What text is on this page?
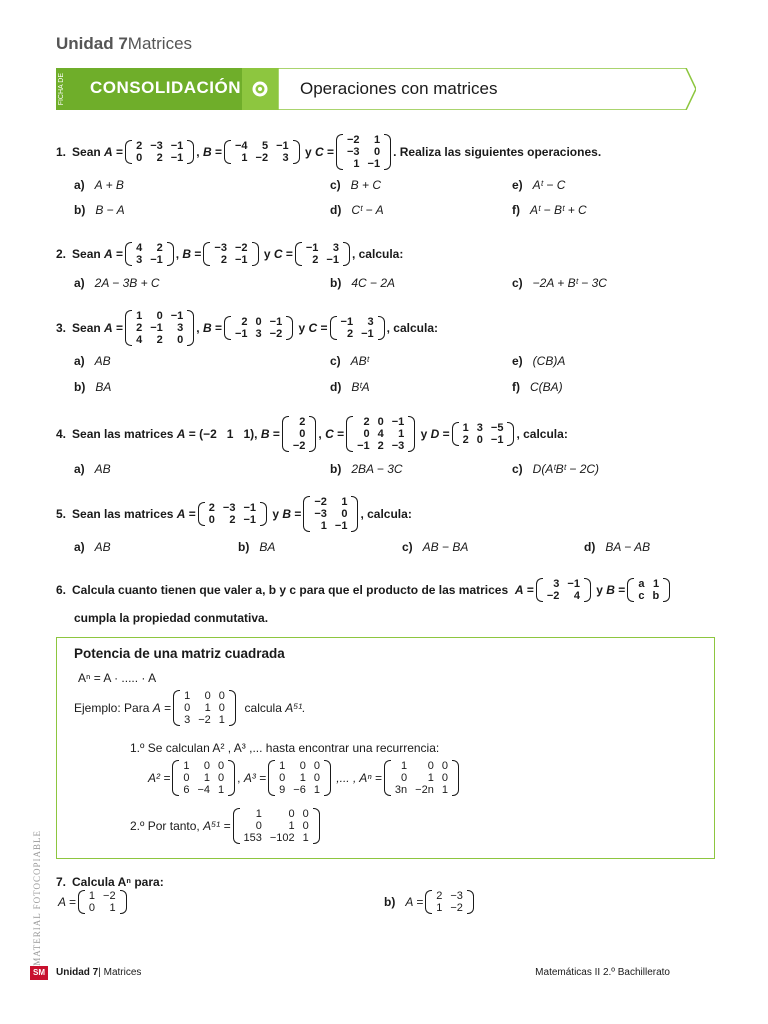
Unidad 7Matrices
FICHA DE CONSOLIDACIÓN	Operaciones con matrices
1. Sean
A = 2	−3	−1
0	2	−1 , B = −4	5	−1
1	−2	3 y C =
−2	1
−3	0
1	−1
. Realiza las siguientes operaciones.
a) A + B	c) B + C	e) Aᵗ − C
b) B − A	d) Cᵗ − A	f) Aᵗ − Bᵗ + C
2. Sean
A = 4	2
3	−1 , B = −3	−2
2	−1 y C = −1	3
2	−1 , calcula:
a) 2A − 3B + C	b) 4C − 2A	c) −2A + Bᵗ − 3C
3. Sean
A =
1	0	−1
2	−1	3
4	2	0
, B = 2	0	−1
−1	3	−2 y C = −1	3
2	−1 , calcula:
a) AB	c) ABᵗ	e) (CB)A
b) BA	d) BᵗA	f) C(BA)
4. Sean las matrices
A = (−2   1   1) , B =
2
0
−2
, C =
2	0	−1
0	4	1
−1	2	−3
y D = 1	3	−5
2	0	−1 , calcula:
a) AB	b) 2BA − 3C	c) D(AᵗBᵗ − 2C)
5. Sean las matrices
A = 2	−3	−1
0	2	−1 y B =
−2	1
−3	0
1	−1
, calcula:
a) AB	b) BA	c) AB − BA	d) BA − AB
6. Calcula cuanto tienen que valer a, b y c para que el producto de las matrices
A = 3	−1
−2	4 y B = a	1
c	b
cumpla la propiedad conmutativa.
Potencia de una matriz cuadrada
Aⁿ = A · ..... · A
Ejemplo: Para
A =
1	0	0
0	1	0
3	−2	1

calcula
A⁵¹.
1.º Se calculan A² , A³ ,... hasta encontrar una recurrencia:
A² =
1	0	0
0	1	0
6	−4	1
, A³ =
1	0	0
0	1	0
9	−6	1

,... , Aⁿ =
1	0	0
0	1	0
3n	−2n	1
2.º Por tanto,
A⁵¹ =
1	0	0
0	1	0
153	−102	1
7. Calcula Aⁿ para:
A = 1	−2
0	1	b) A = 2	−3
1	−2
MATERIAL FOTOCOPIABLE
SM	Unidad 7| Matrices	Matemáticas II 2.º Bachillerato
